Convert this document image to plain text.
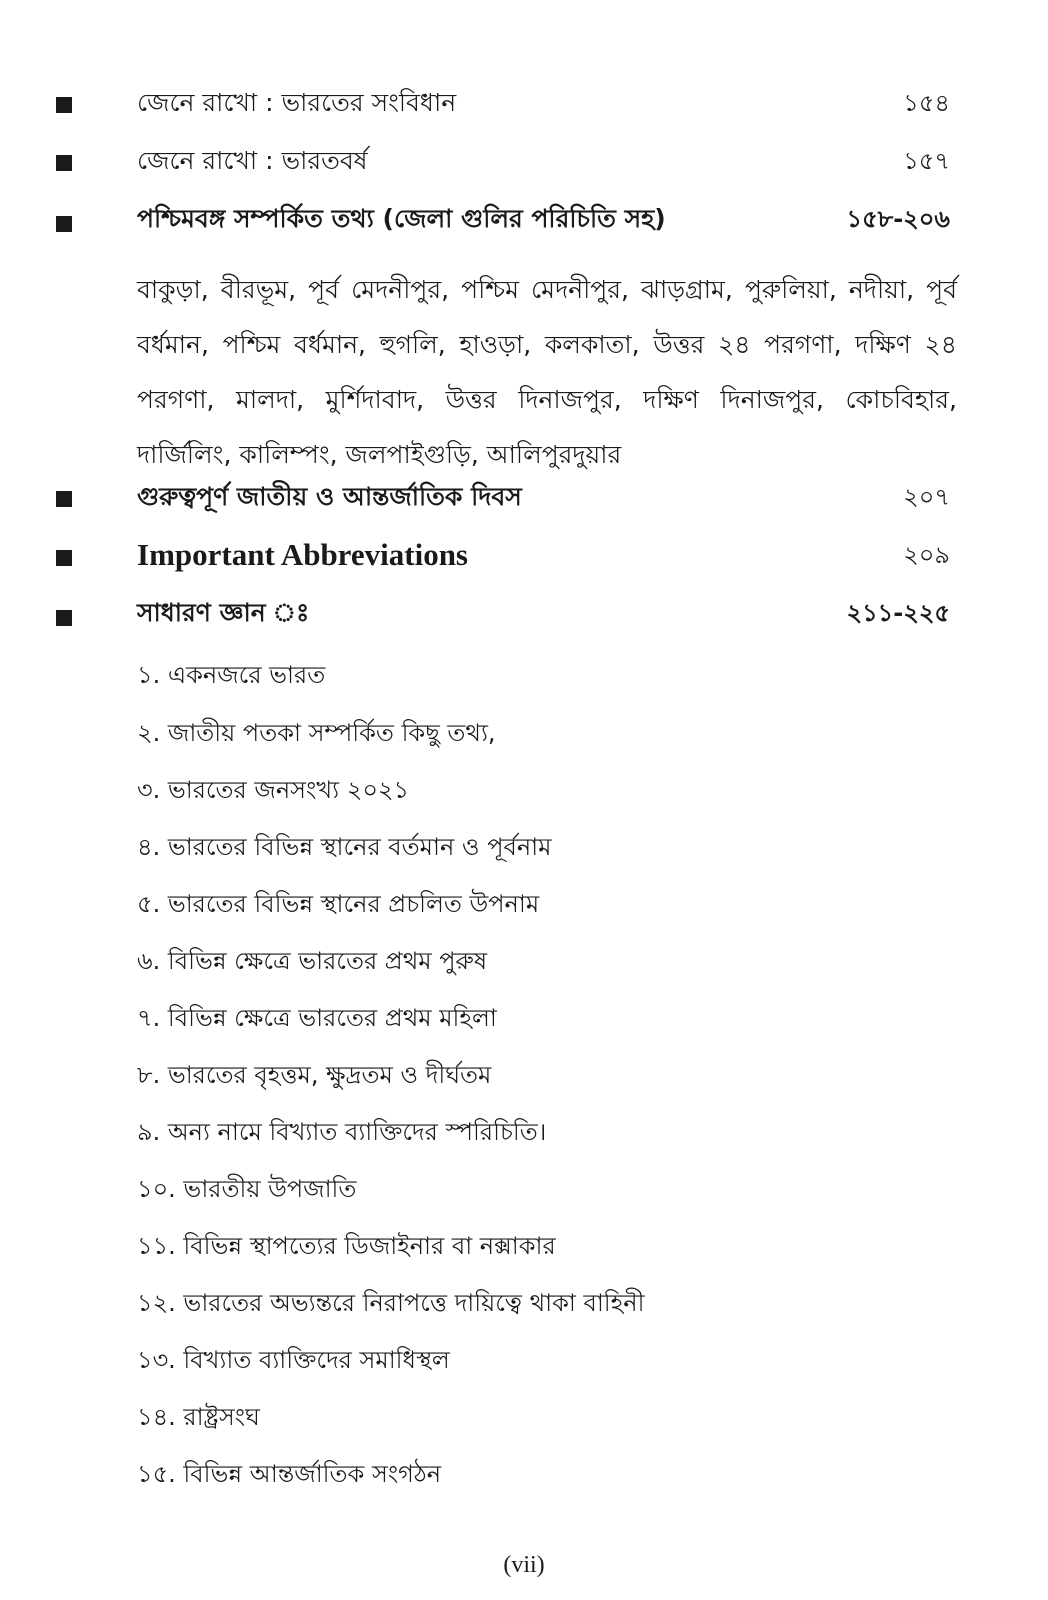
জেনে রাখো : ভারতের সংবিধান	১৫৪
জেনে রাখো : ভারতবর্ষ	১৫৭
পশ্চিমবঙ্গ সম্পর্কিত তথ্য (জেলা গুলির পরিচিতি সহ)	১৫৮-২০৬
বাকুড়া, বীরভূম, পূর্ব মেদনীপুর, পশ্চিম মেদনীপুর, ঝাড়গ্রাম, পুরুলিয়া, নদীয়া, পূর্ব বর্ধমান, পশ্চিম বর্ধমান, হুগলি, হাওড়া, কলকাতা, উত্তর ২৪ পরগণা, দক্ষিণ ২৪ পরগণা, মালদা, মুর্শিদাবাদ, উত্তর দিনাজপুর, দক্ষিণ দিনাজপুর, কোচবিহার, দার্জিলিং, কালিম্পং, জলপাইগুড়ি, আলিপুরদুয়ার
গুরুত্বপূর্ণ জাতীয় ও আন্তর্জাতিক দিবস	২০৭
Important Abbreviations	২০৯
সাধারণ জ্ঞান ঃ	২১১-২২৫
১. একনজরে ভারত
২. জাতীয় পতকা সম্পর্কিত কিছু তথ্য,
৩. ভারতের জনসংখ্য ২০২১
৪. ভারতের বিভিন্ন স্থানের বর্তমান ও পূর্বনাম
৫. ভারতের বিভিন্ন স্থানের প্রচলিত উপনাম
৬. বিভিন্ন ক্ষেত্রে ভারতের প্রথম পুরুষ
৭. বিভিন্ন ক্ষেত্রে ভারতের প্রথম মহিলা
৮. ভারতের বৃহত্তম, ক্ষুদ্রতম ও দীর্ঘতম
৯. অন্য নামে বিখ্যাত ব্যাক্তিদের স্পরিচিতি।
১০. ভারতীয় উপজাতি
১১. বিভিন্ন স্থাপত্যের ডিজাইনার বা নক্সাকার
১২. ভারতের অভ্যন্তরে নিরাপত্তে দায়িত্বে থাকা বাহিনী
১৩. বিখ্যাত ব্যাক্তিদের সমাধিস্থল
১৪. রাষ্ট্রসংঘ
১৫. বিভিন্ন আন্তর্জাতিক সংগঠন
(vii)
